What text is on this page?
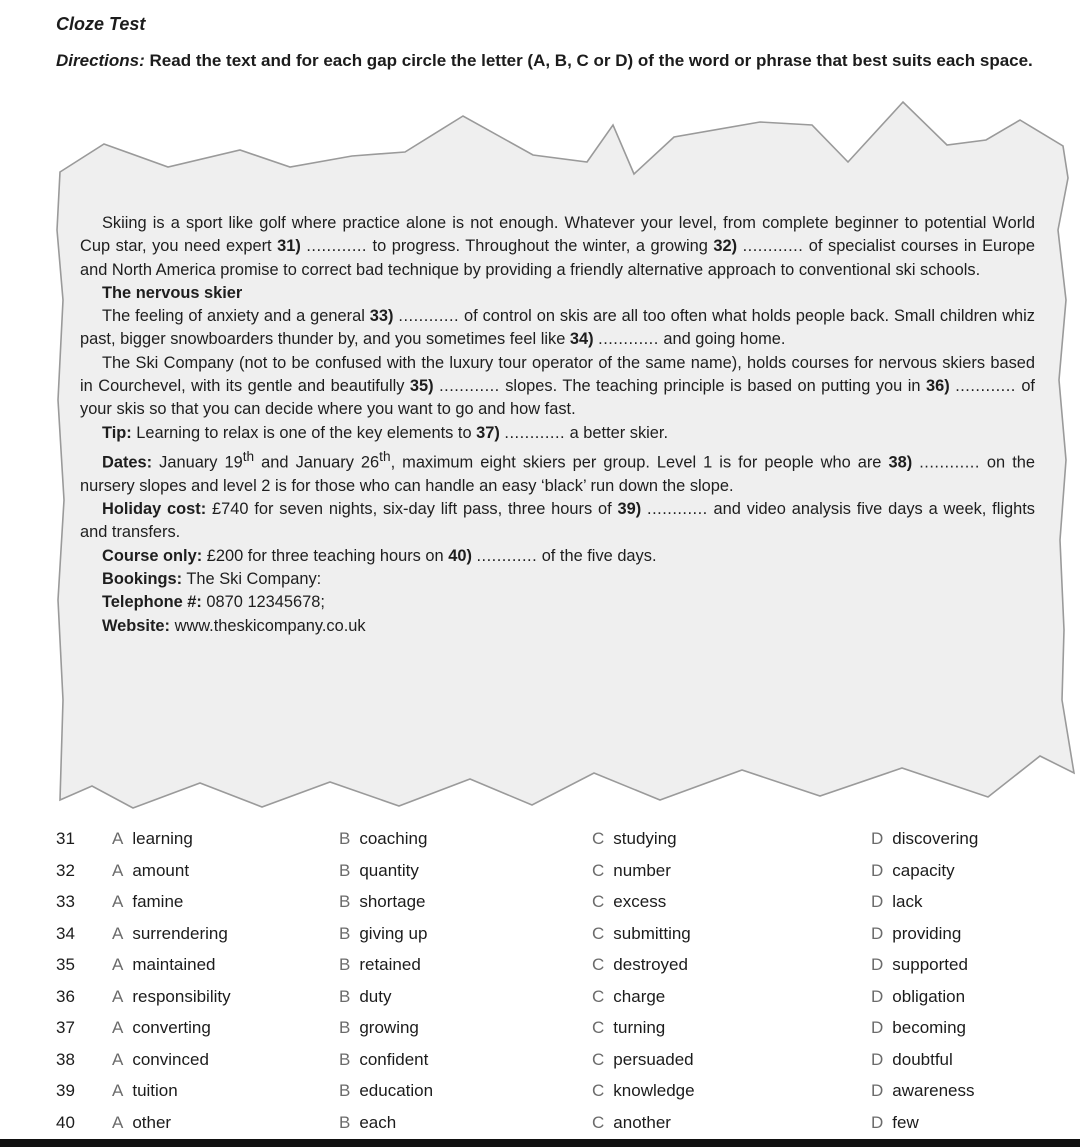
Cloze Test
Directions: Read the text and for each gap circle the letter (A, B, C or D) of the word or phrase that best suits each space.

Skiing is a sport like golf where practice alone is not enough. Whatever your level, from complete beginner to potential World Cup star, you need expert 31) ............ to progress. Throughout the winter, a growing 32) ............ of specialist courses in Europe and North America promise to correct bad technique by providing a friendly alternative approach to conventional ski schools.

The nervous skier

The feeling of anxiety and a general 33) ............ of control on skis are all too often what holds people back. Small children whiz past, bigger snowboarders thunder by, and you sometimes feel like 34) ............ and going home.

The Ski Company (not to be confused with the luxury tour operator of the same name), holds courses for nervous skiers based in Courchevel, with its gentle and beautifully 35) ............ slopes. The teaching principle is based on putting you in 36) ............ of your skis so that you can decide where you want to go and how fast.

Tip: Learning to relax is one of the key elements to 37) ............ a better skier.

Dates: January 19th and January 26th, maximum eight skiers per group. Level 1 is for people who are 38) ............ on the nursery slopes and level 2 is for those who can handle an easy ‘black’ run down the slope.

Holiday cost: £740 for seven nights, six-day lift pass, three hours of 39) ............ and video analysis five days a week, flights and transfers.

Course only: £200 for three teaching hours on 40) ............ of the five days.

Bookings: The Ski Company:

Telephone #: 0870 12345678;

Website: www.theskicompany.co.uk

31 A learning	B coaching	C studying	D discovering
32 A amount	B quantity	C number	D capacity
33 A famine	B shortage	C excess	D lack
34 A surrendering	B giving up	C submitting	D providing
35 A maintained	B retained	C destroyed	D supported
36 A responsibility	B duty	C charge	D obligation
37 A converting	B growing	C turning	D becoming
38 A convinced	B confident	C persuaded	D doubtful
39 A tuition	B education	C knowledge	D awareness
40 A other	B each	C another	D few
